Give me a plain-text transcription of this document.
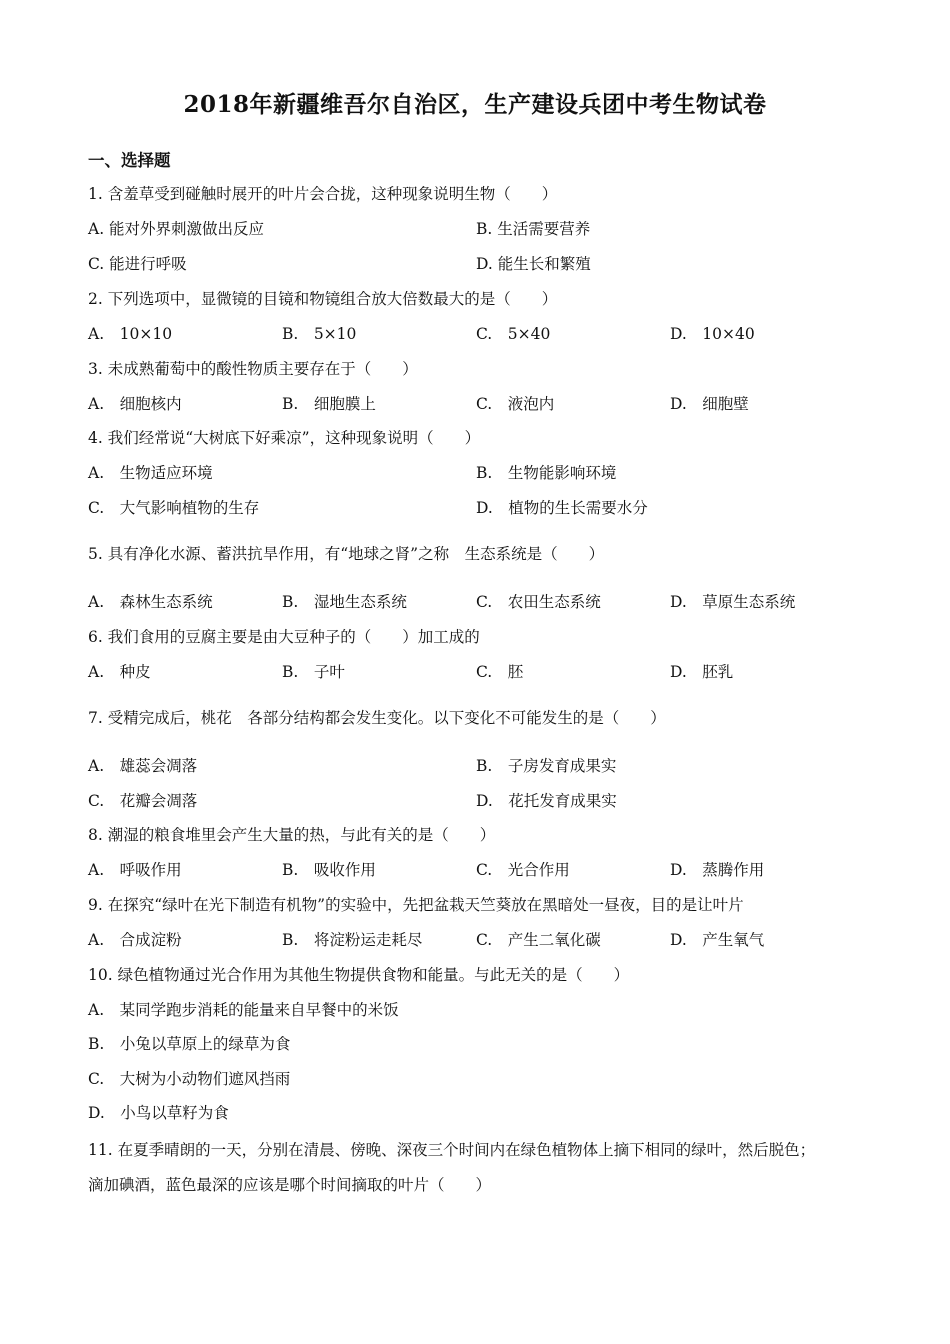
2018年新疆维吾尔自治区，生产建设兵团中考生物试卷
一、选择题
1. 含羞草受到碰触时展开的叶片会合拢，这种现象说明生物（　　）
A. 能对外界刺激做出反应	B. 生活需要营养
C. 能进行呼吸	D. 能生长和繁殖
2. 下列选项中，显微镜的目镜和物镜组合放大倍数最大的是（　　）
A.　10×10	B.　5×10	C.　5×40	D.　10×40
3. 未成熟葡萄中的酸性物质主要存在于（　　）
A.　细胞核内	B.　细胞膜上	C.　液泡内	D.　细胞壁
4. 我们经常说“大树底下好乘凉”，这种现象说明（　　）
A.　生物适应环境	B.　生物能影响环境
C.　大气影响植物的生存	D.　植物的生长需要水分
5. 具有净化水源、蓄洪抗旱作用，有“地球之肾”之称　生态系统是（　　）
A.　森林生态系统	B.　湿地生态系统	C.　农田生态系统	D.　草原生态系统
6. 我们食用的豆腐主要是由大豆种子的（　　）加工成的
A.　种皮	B.　子叶	C.　胚	D.　胚乳
7. 受精完成后，桃花　各部分结构都会发生变化。以下变化不可能发生的是（　　）
A.　雄蕊会凋落	B.　子房发育成果实
C.　花瓣会凋落	D.　花托发育成果实
8. 潮湿的粮食堆里会产生大量的热，与此有关的是（　　）
A.　呼吸作用	B.　吸收作用	C.　光合作用	D.　蒸腾作用
9. 在探究“绿叶在光下制造有机物”的实验中，先把盆栽天竺葵放在黑暗处一昼夜，目的是让叶片
A.　合成淀粉	B.　将淀粉运走耗尽	C.　产生二氧化碳	D.　产生氧气
10. 绿色植物通过光合作用为其他生物提供食物和能量。与此无关的是（　　）
A.　某同学跑步消耗的能量来自早餐中的米饭
B.　小兔以草原上的绿草为食
C.　大树为小动物们遮风挡雨
D.　小鸟以草籽为食
11. 在夏季晴朗的一天，分别在清晨、傍晚、深夜三个时间内在绿色植物体上摘下相同的绿叶，然后脱色；
滴加碘酒，蓝色最深的应该是哪个时间摘取的叶片（　　）
